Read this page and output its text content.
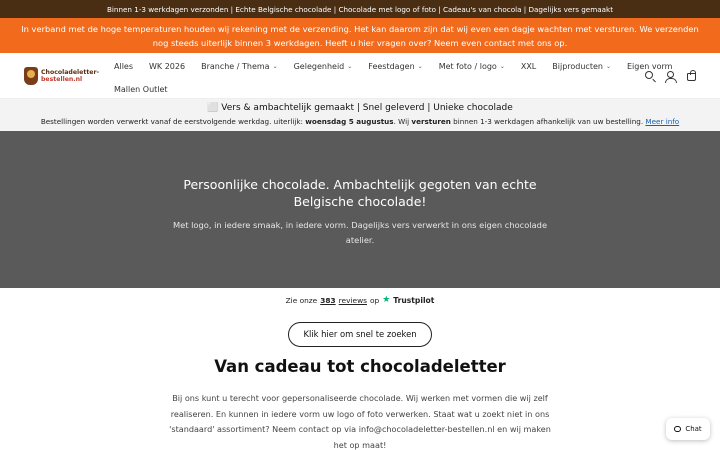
Binnen 1-3 werkdagen verzonden | Echte Belgische chocolade | Chocolade met logo of foto | Cadeau's van chocola | Dagelijks vers gemaakt
In verband met de hoge temperaturen houden wij rekening met de verzending. Het kan daarom zijn dat wij even een dagje wachten met versturen. We verzenden
nog steeds uiterlijk binnen 3 werkdagen. Heeft u hier vragen over? Neem even contact met ons op.
Chocoladeletter-
bestellen.nl
Alles WK 2026 Branche / Thema ⌄ Gelegenheid ⌄ Feestdagen ⌄ Met foto / logo ⌄ XXL Bijproducten ⌄ Eigen vorm
Mallen Outlet
⬜ Vers & ambachtelijk gemaakt | Snel geleverd | Unieke chocolade
Bestellingen worden verwerkt vanaf de eerstvolgende werkdag. uiterlijk: woensdag 5 augustus. Wij versturen binnen 1-3 werkdagen afhankelijk van uw bestelling. Meer info
Persoonlijke chocolade. Ambachtelijk gegoten van echte Belgische chocolade!

Met logo, in iedere smaak, in iedere vorm. Dagelijks vers verwerkt in ons eigen chocolade atelier.

Zie onze 383 reviews op ★ Trustpilot
Klik hier om snel te zoeken
Van cadeau tot chocoladeletter

Bij ons kunt u terecht voor gepersonaliseerde chocolade. Wij werken met vormen die wij zelf realiseren. En kunnen in iedere vorm uw logo of foto verwerken. Staat wat u zoekt niet in ons 'standaard' assortiment? Neem contact op via info@chocoladeletter-bestellen.nl en wij maken het op maat!

Chat
